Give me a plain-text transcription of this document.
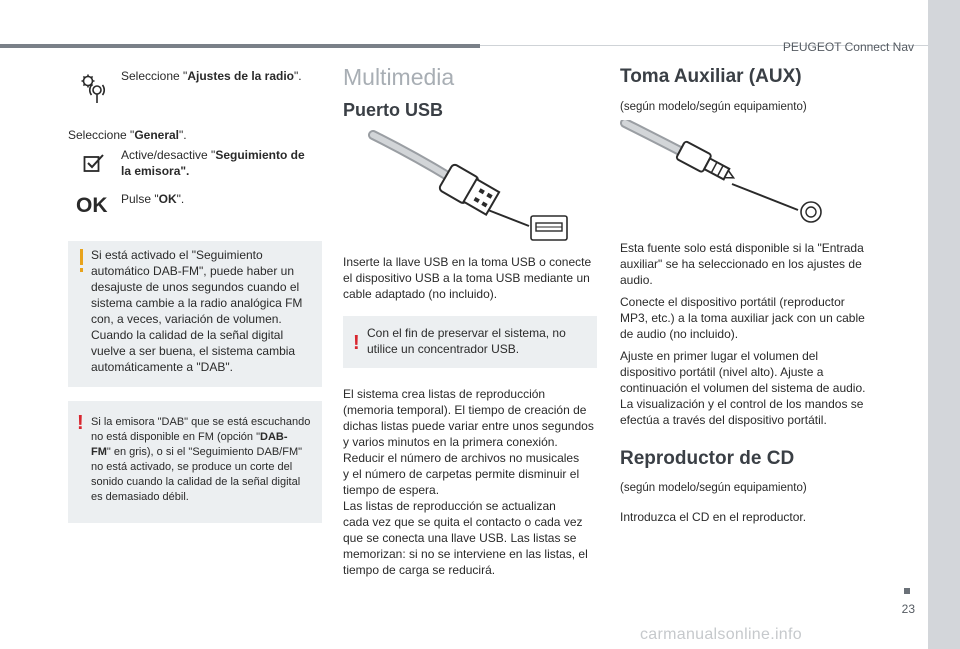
PEUGEOT Connect Nav
23
carmanualsonline.info
Seleccione "Ajustes de la radio".
Seleccione "General".
Active/desactive "Seguimiento de
la emisora".
OK Pulse "OK".
Si está activado el "Seguimiento
automático DAB-FM", puede haber un
desajuste de unos segundos cuando el
sistema cambie a la radio analógica FM
con, a veces, variación de volumen.
Cuando la calidad de la señal digital
vuelve a ser buena, el sistema cambia
automáticamente a "DAB".
! Si la emisora "DAB" que se está escuchando
no está disponible en FM (opción "DAB-
FM" en gris), o si el "Seguimiento DAB/FM"
no está activado, se produce un corte del
sonido cuando la calidad de la señal digital
es demasiado débil.
Multimedia
Puerto USB
Inserte la llave USB en la toma USB o conecte
el dispositivo USB a la toma USB mediante un
cable adaptado (no incluido).
! Con el fin de preservar el sistema, no
utilice un concentrador USB.
El sistema crea listas de reproducción
(memoria temporal). El tiempo de creación de
dichas listas puede variar entre unos segundos
y varios minutos en la primera conexión.
Reducir el número de archivos no musicales
y el número de carpetas permite disminuir el
tiempo de espera.
Las listas de reproducción se actualizan
cada vez que se quita el contacto o cada vez
que se conecta una llave USB. Las listas se
memorizan: si no se interviene en las listas, el
tiempo de carga se reducirá.
Toma Auxiliar (AUX)
(según modelo/según equipamiento)
Esta fuente solo está disponible si la "Entrada
auxiliar" se ha seleccionado en los ajustes de
audio.
Conecte el dispositivo portátil (reproductor
MP3, etc.) a la toma auxiliar jack con un cable
de audio (no incluido).
Ajuste en primer lugar el volumen del
dispositivo portátil (nivel alto). Ajuste a
continuación el volumen del sistema de audio.
La visualización y el control de los mandos se
efectúa a través del dispositivo portátil.
Reproductor de CD
(según modelo/según equipamiento)
Introduzca el CD en el reproductor.
